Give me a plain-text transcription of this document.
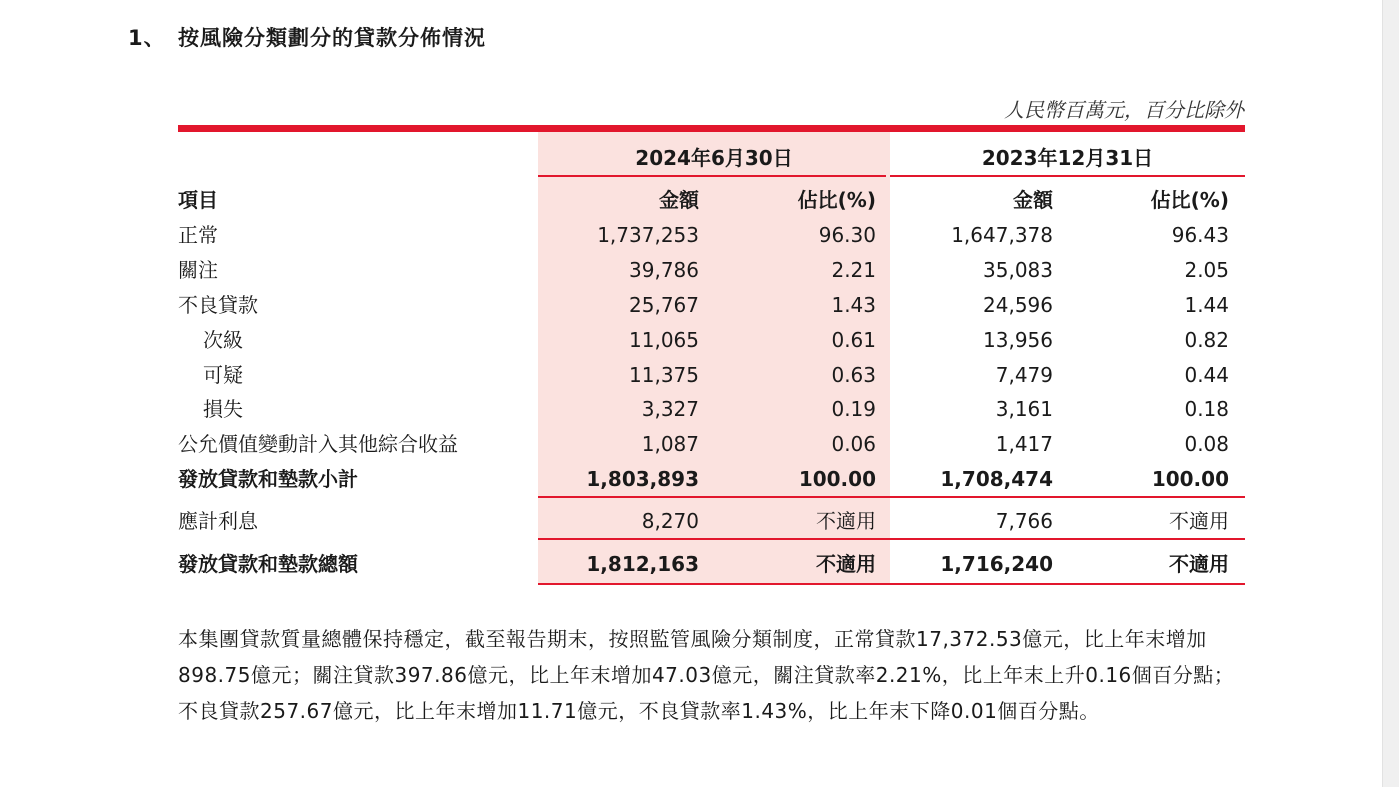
1、 按風險分類劃分的貸款分佈情況
人民幣百萬元，百分比除外
2024年6月30日	2023年12月31日
項目	金額	佔比(%)	金額	佔比(%)
正常	1,737,253	96.30	1,647,378	96.43
關注	39,786	2.21	35,083	2.05
不良貸款	25,767	1.43	24,596	1.44
次級	11,065	0.61	13,956	0.82
可疑	11,375	0.63	7,479	0.44
損失	3,327	0.19	3,161	0.18
公允價值變動計入其他綜合收益	1,087	0.06	1,417	0.08
發放貸款和墊款小計	1,803,893	100.00	1,708,474	100.00
應計利息	8,270	不適用	7,766	不適用
發放貸款和墊款總額	1,812,163	不適用	1,716,240	不適用
本集團貸款質量總體保持穩定，截至報告期末，按照監管風險分類制度，正常貸款17,372.53億元，比上年末增加898.75億元；關注貸款397.86億元，比上年末增加47.03億元，關注貸款率2.21%，比上年末上升0.16個百分點；不良貸款257.67億元，比上年末增加11.71億元，不良貸款率1.43%，比上年末下降0.01個百分點。
